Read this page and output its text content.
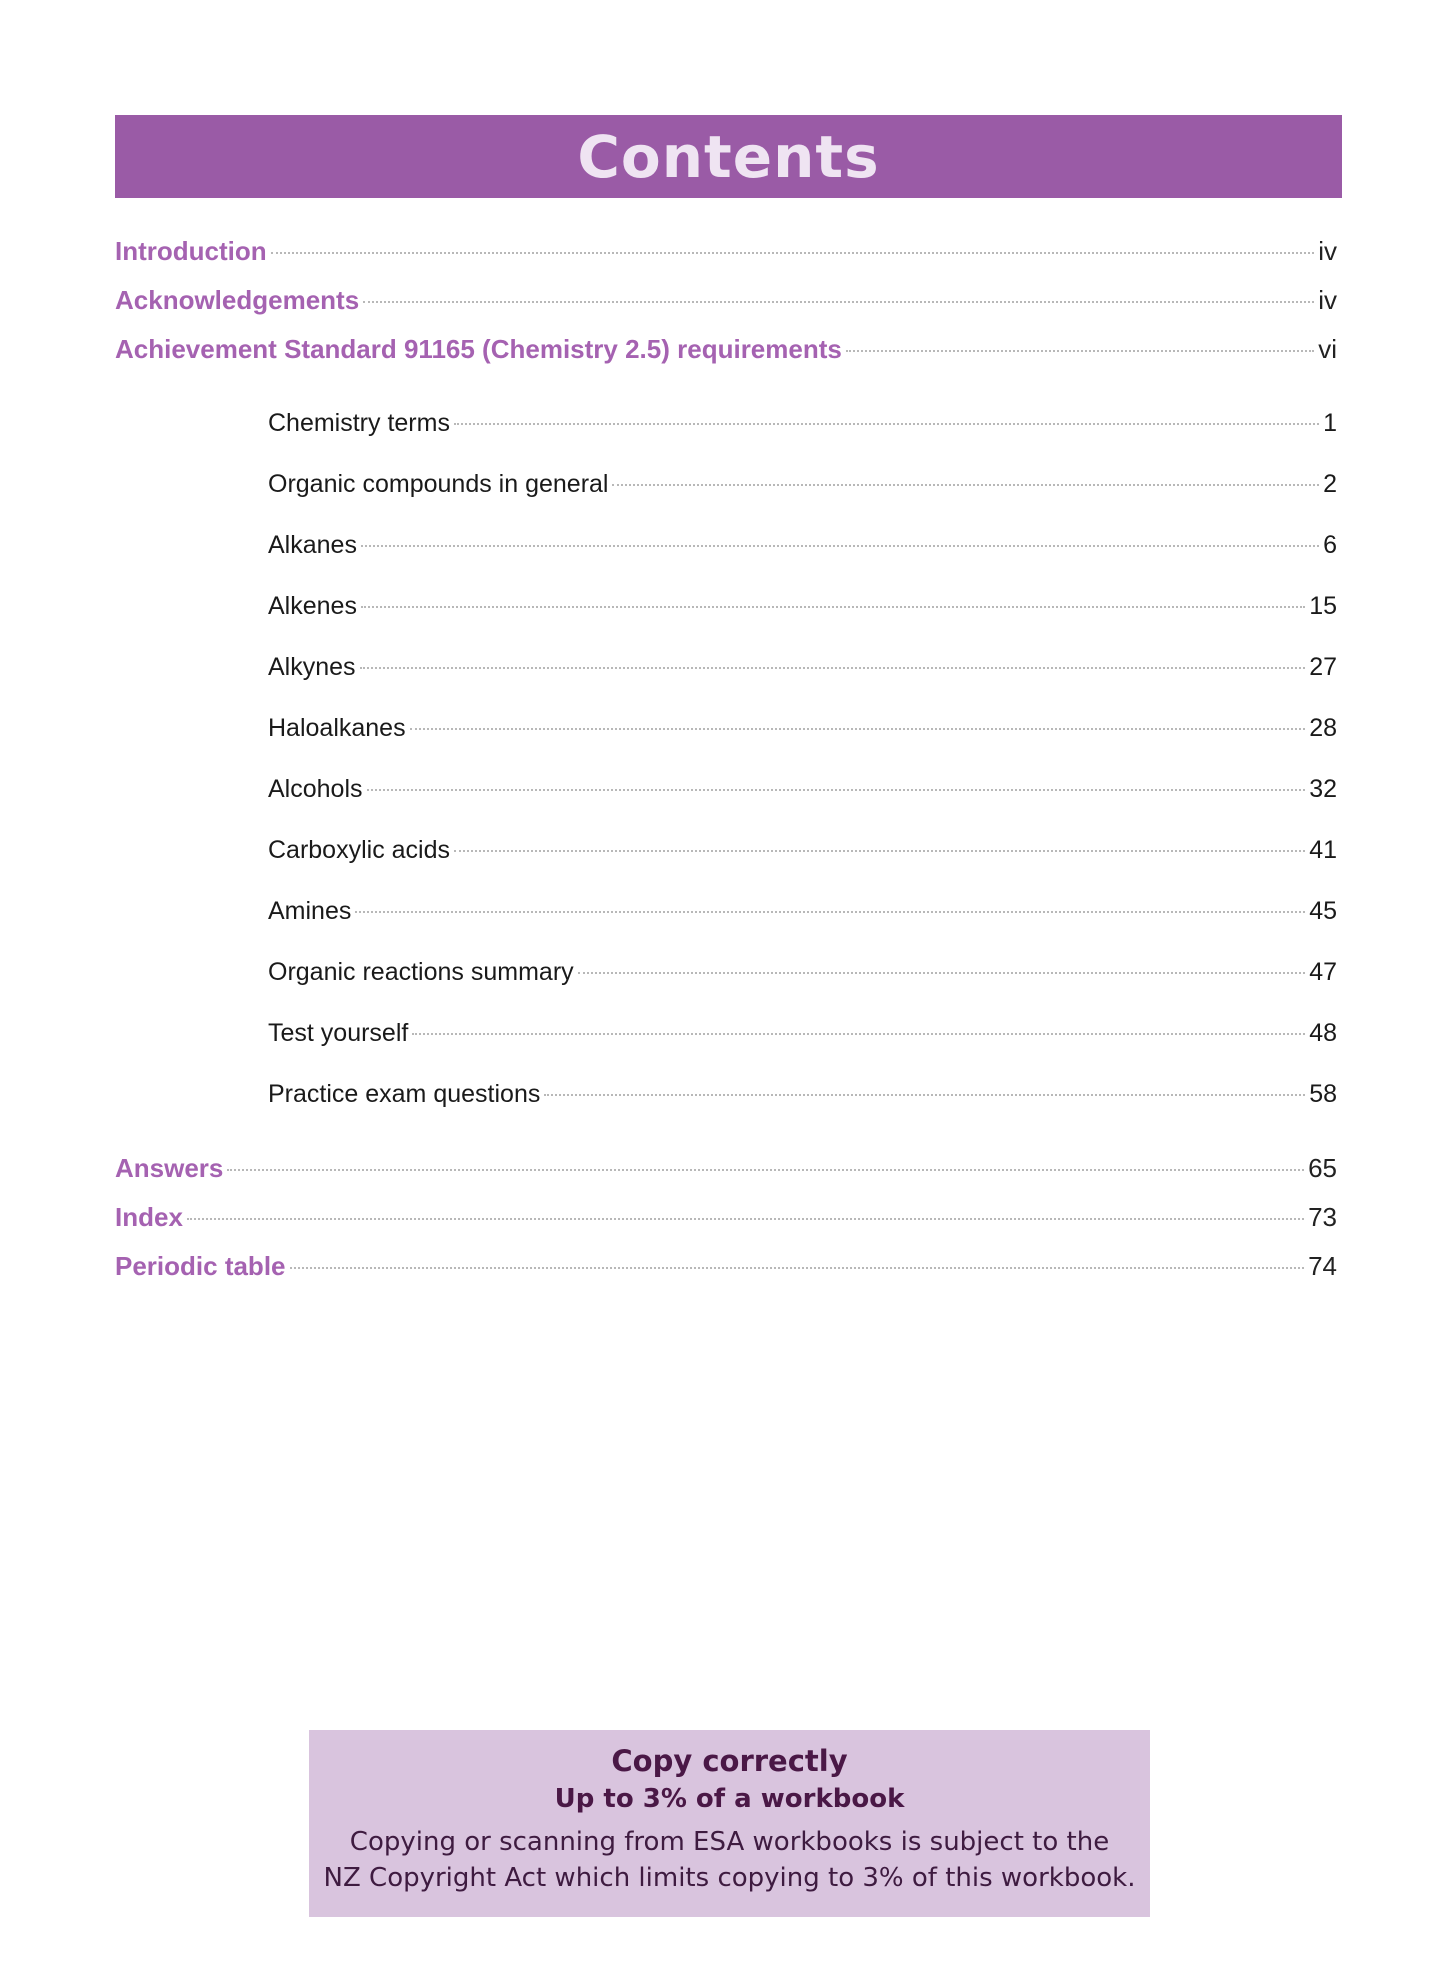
Contents
Introduction	iv
Acknowledgements	iv
Achievement Standard 91165 (Chemistry 2.5) requirements	vi
Chemistry terms	1
Organic compounds in general	2
Alkanes	6
Alkenes	15
Alkynes	27
Haloalkanes	28
Alcohols	32
Carboxylic acids	41
Amines	45
Organic reactions summary	47
Test yourself	48
Practice exam questions	58
Answers	65
Index	73
Periodic table	74
Copy correctly
Up to 3% of a workbook
Copying or scanning from ESA workbooks is subject to the
NZ Copyright Act which limits copying to 3% of this workbook.
